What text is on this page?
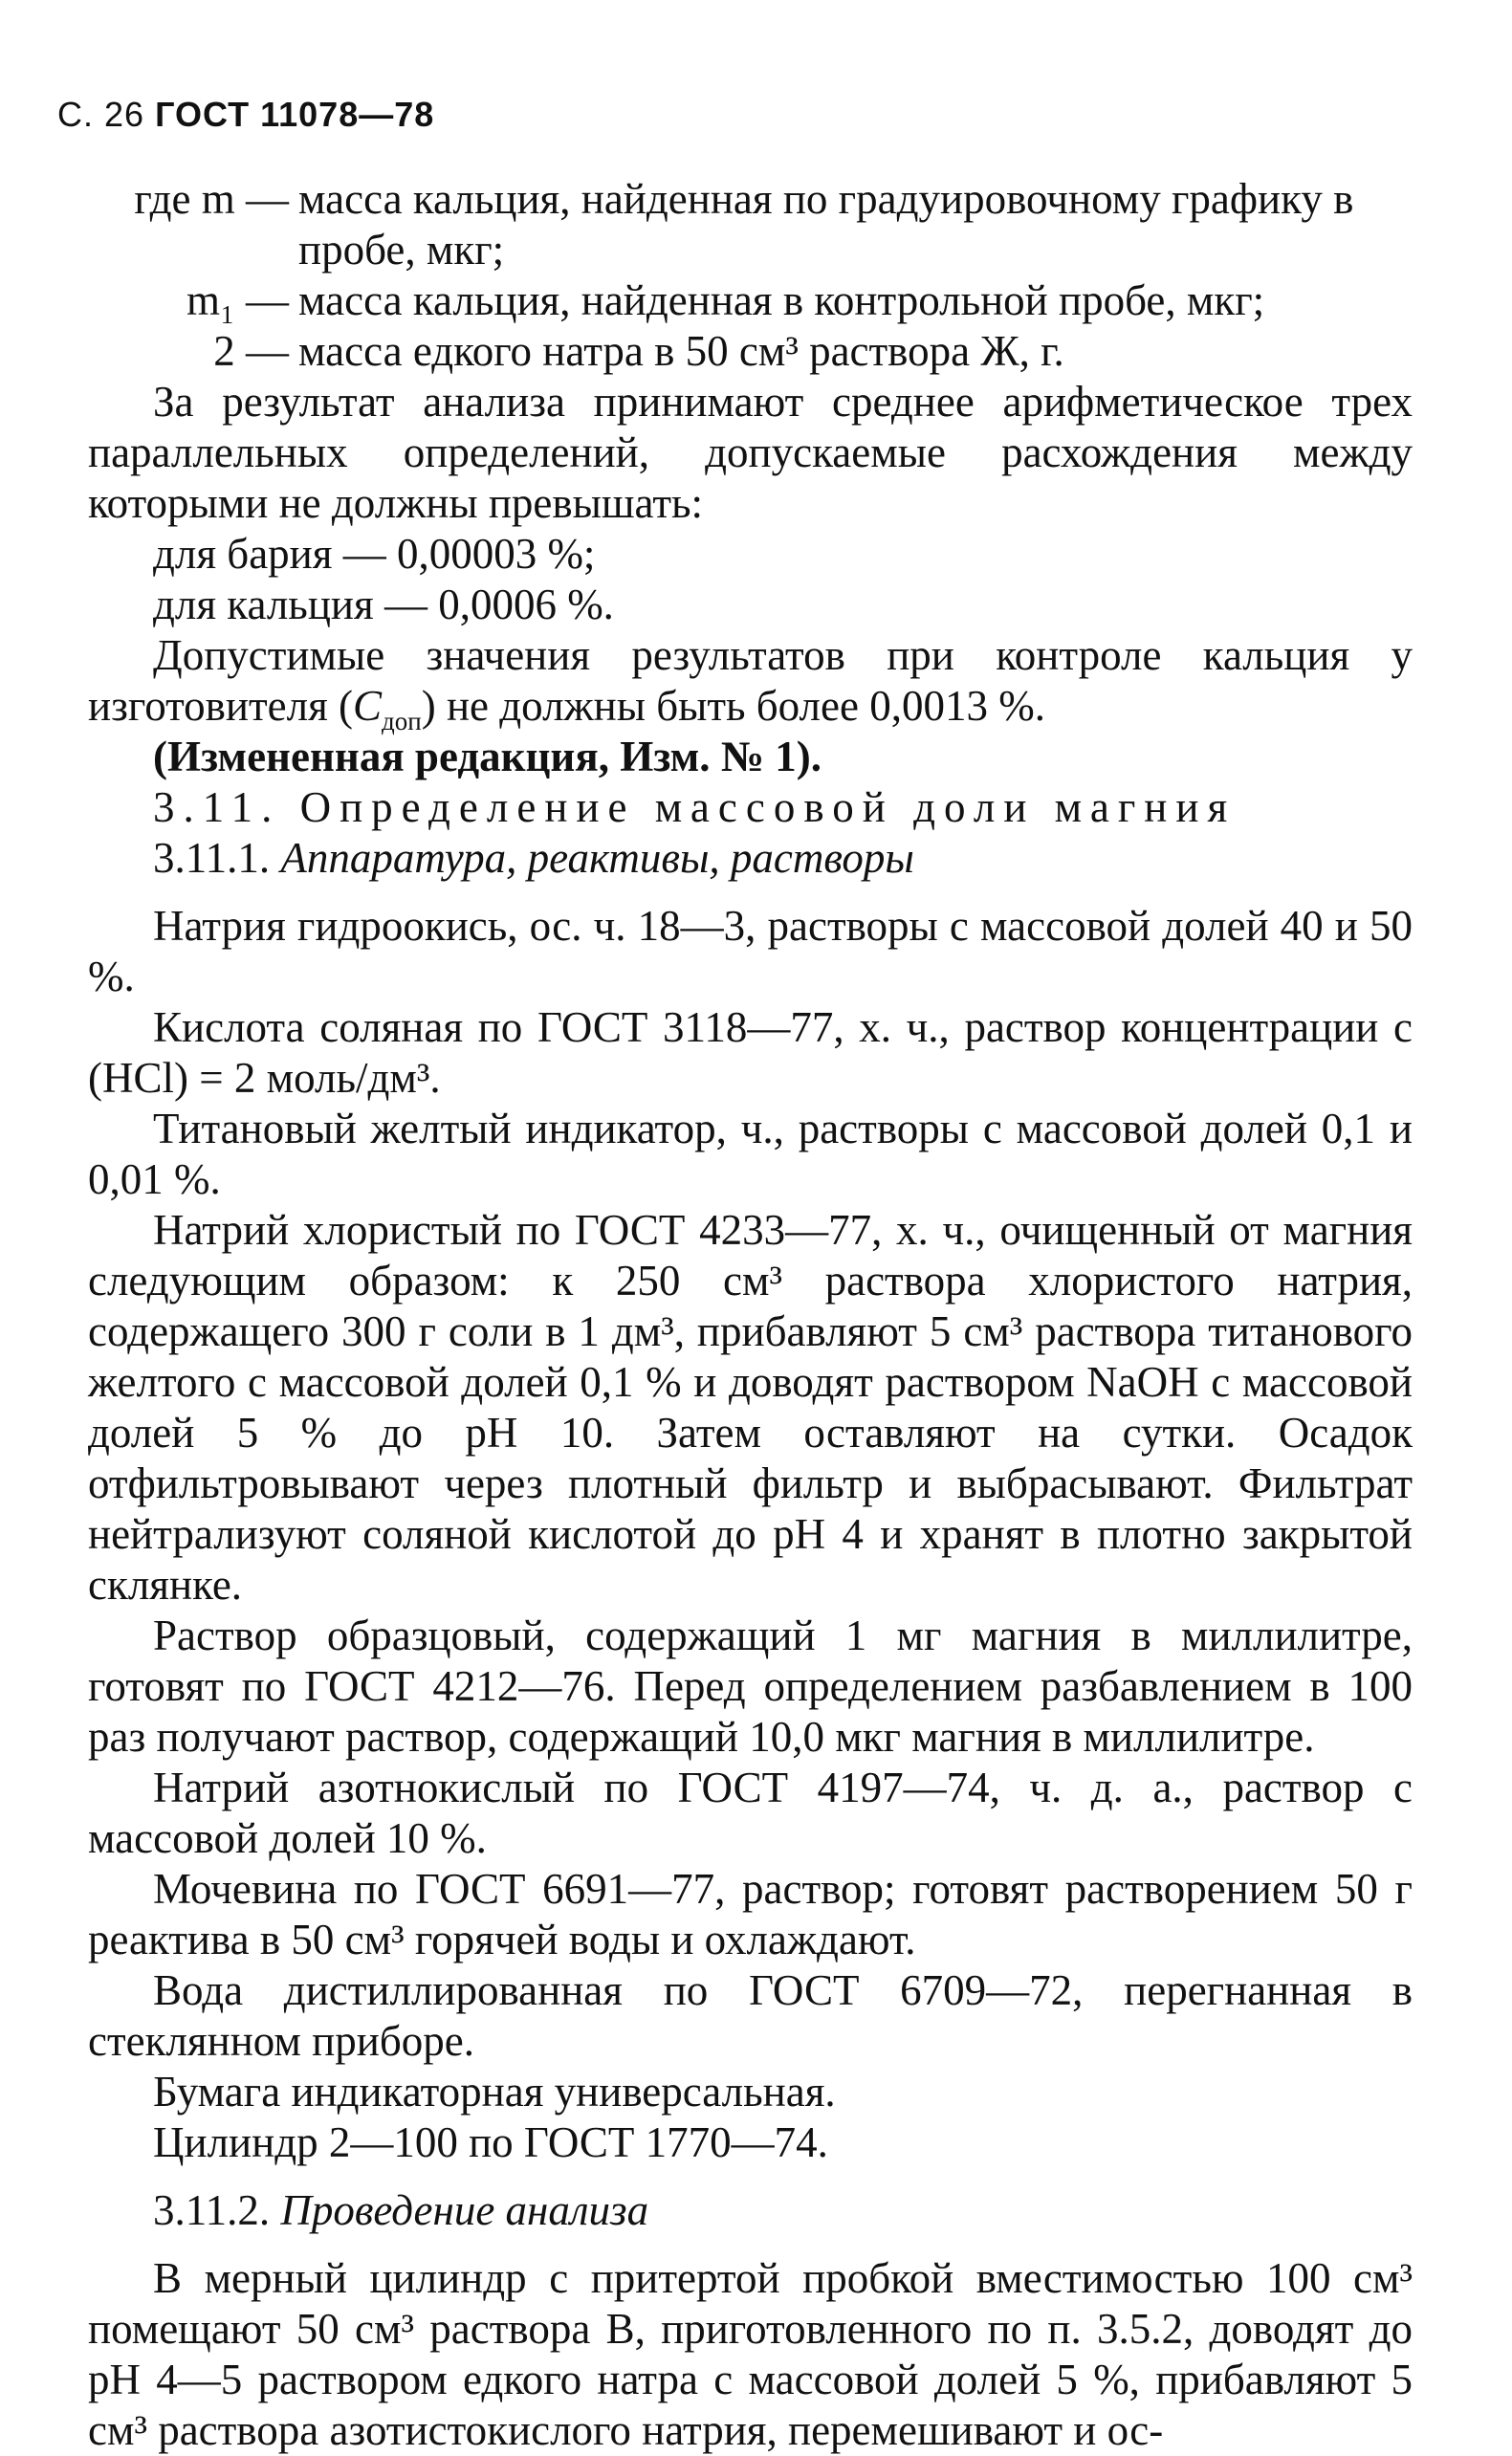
С. 26 ГОСТ 11078—78
где m — масса кальция, найденная по градуировочному графику в пробе, мкг;
m₁ — масса кальция, найденная в контрольной пробе, мкг;
2 — масса едкого натра в 50 см³ раствора Ж, г.

За результат анализа принимают среднее арифметическое трех параллельных определений, допускаемые расхождения между которыми не должны превышать:

для бария — 0,00003 %;

для кальция — 0,0006 %.

Допустимые значения результатов при контроле кальция у изготовителя $(C_{доп})$ не должны быть более 0,0013 %.

(Измененная редакция, Изм. № 1).

3.11. Определение массовой доли магния

3.11.1. Аппаратура, реактивы, растворы

Натрия гидроокись, ос. ч. 18—3, растворы с массовой долей 40 и 50 %.

Кислота соляная по ГОСТ 3118—77, х. ч., раствор концентрации c (HCl) = 2 моль/дм³.

Титановый желтый индикатор, ч., растворы с массовой долей 0,1 и 0,01 %.

Натрий хлористый по ГОСТ 4233—77, х. ч., очищенный от магния следующим образом: к 250 см³ раствора хлористого натрия, содержащего 300 г соли в 1 дм³, прибавляют 5 см³ раствора титанового желтого с массовой долей 0,1 % и доводят раствором NaOH с массовой долей 5 % до pH 10. Затем оставляют на сутки. Осадок отфильтровывают через плотный фильтр и выбрасывают. Фильтрат нейтрализуют соляной кислотой до pH 4 и хранят в плотно закрытой склянке.

Раствор образцовый, содержащий 1 мг магния в миллилитре, готовят по ГОСТ 4212—76. Перед определением разбавлением в 100 раз получают раствор, содержащий 10,0 мкг магния в миллилитре.

Натрий азотнокислый по ГОСТ 4197—74, ч. д. а., раствор с массовой долей 10 %.

Мочевина по ГОСТ 6691—77, раствор; готовят растворением 50 г реактива в 50 см³ горячей воды и охлаждают.

Вода дистиллированная по ГОСТ 6709—72, перегнанная в стеклянном приборе.

Бумага индикаторная универсальная.

Цилиндр 2—100 по ГОСТ 1770—74.

3.11.2. Проведение анализа

В мерный цилиндр с притертой пробкой вместимостью 100 см³ помещают 50 см³ раствора В, приготовленного по п. 3.5.2, доводят до pH 4—5 раствором едкого натра с массовой долей 5 %, прибавляют 5 см³ раствора азотистокислого натрия, перемешивают и ос-
